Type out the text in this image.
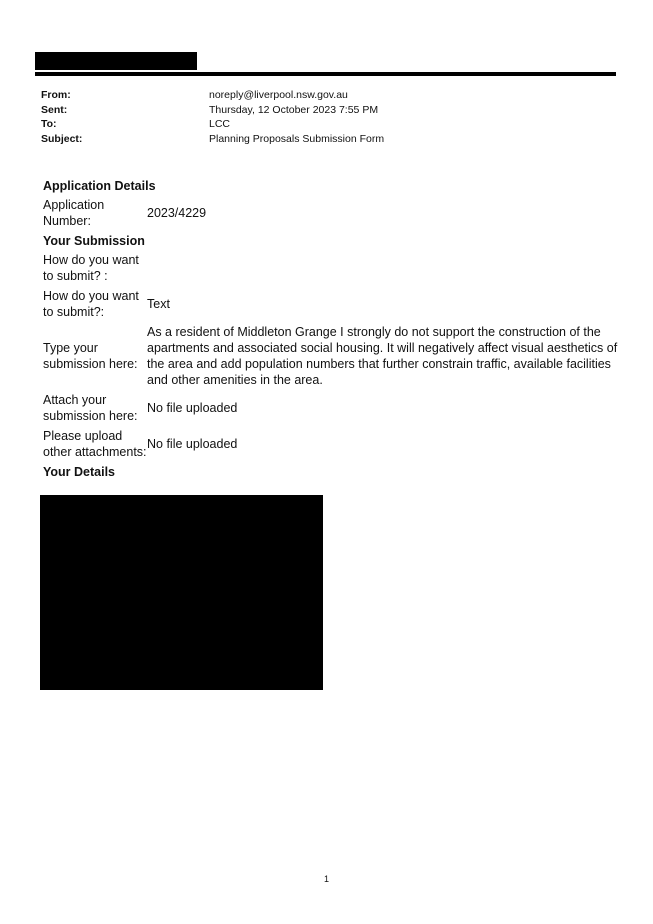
From:	noreply@liverpool.nsw.gov.au
Sent:	Thursday, 12 October 2023 7:55 PM
To:	LCC
Subject:	Planning Proposals Submission Form
Application Details
Application Number:
2023/4229
Your Submission
How do you want to submit? :
How do you want to submit?:
Text
Type your submission here:
As a resident of Middleton Grange I strongly do not support the construction of the apartments and associated social housing. It will negatively affect visual aesthetics of the area and add population numbers that further constrain traffic, available facilities and other amenities in the area.
Attach your submission here:
No file uploaded
Please upload other attachments:
No file uploaded
Your Details
1
